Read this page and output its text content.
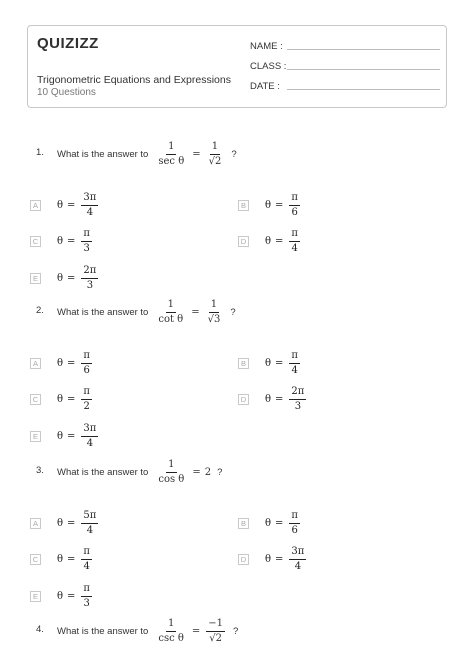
QUIZIZZ
Trigonometric Equations and Expressions
10 Questions
NAME :
CLASS :
DATE :
1. What is the answer to $\frac{1}{\text{sec θ}} = \frac{1}{√2}$ ?
A	$\theta = \frac{3\pi}{4}$	B	$\theta = \frac{\pi}{6}$
C $\theta = \frac{\pi}{3}$	D $\theta = \frac{\pi}{4}$
E	$\theta = \frac{2\pi}{3}$
2. What is the answer to $\frac{1}{\text{cot θ}} = \frac{1}{√3}$ ?
A	$\theta = \frac{\pi}{6}$	B	$\theta = \frac{\pi}{4}$
C $\theta = \frac{\pi}{2}$	D $\theta = \frac{2\pi}{3}$
E	$\theta = \frac{3\pi}{4}$
3. What is the answer to $\frac{1}{\text{cos θ}} = 2$ ?
A	$\theta = \frac{5\pi}{4}$	B	$\theta = \frac{\pi}{6}$
C $\theta = \frac{\pi}{4}$	D $\theta = \frac{3\pi}{4}$
E	$\theta = \frac{\pi}{3}$
4. What is the answer to $\frac{1}{\text{csc θ}} = \frac{-1}{√2}$ ?
